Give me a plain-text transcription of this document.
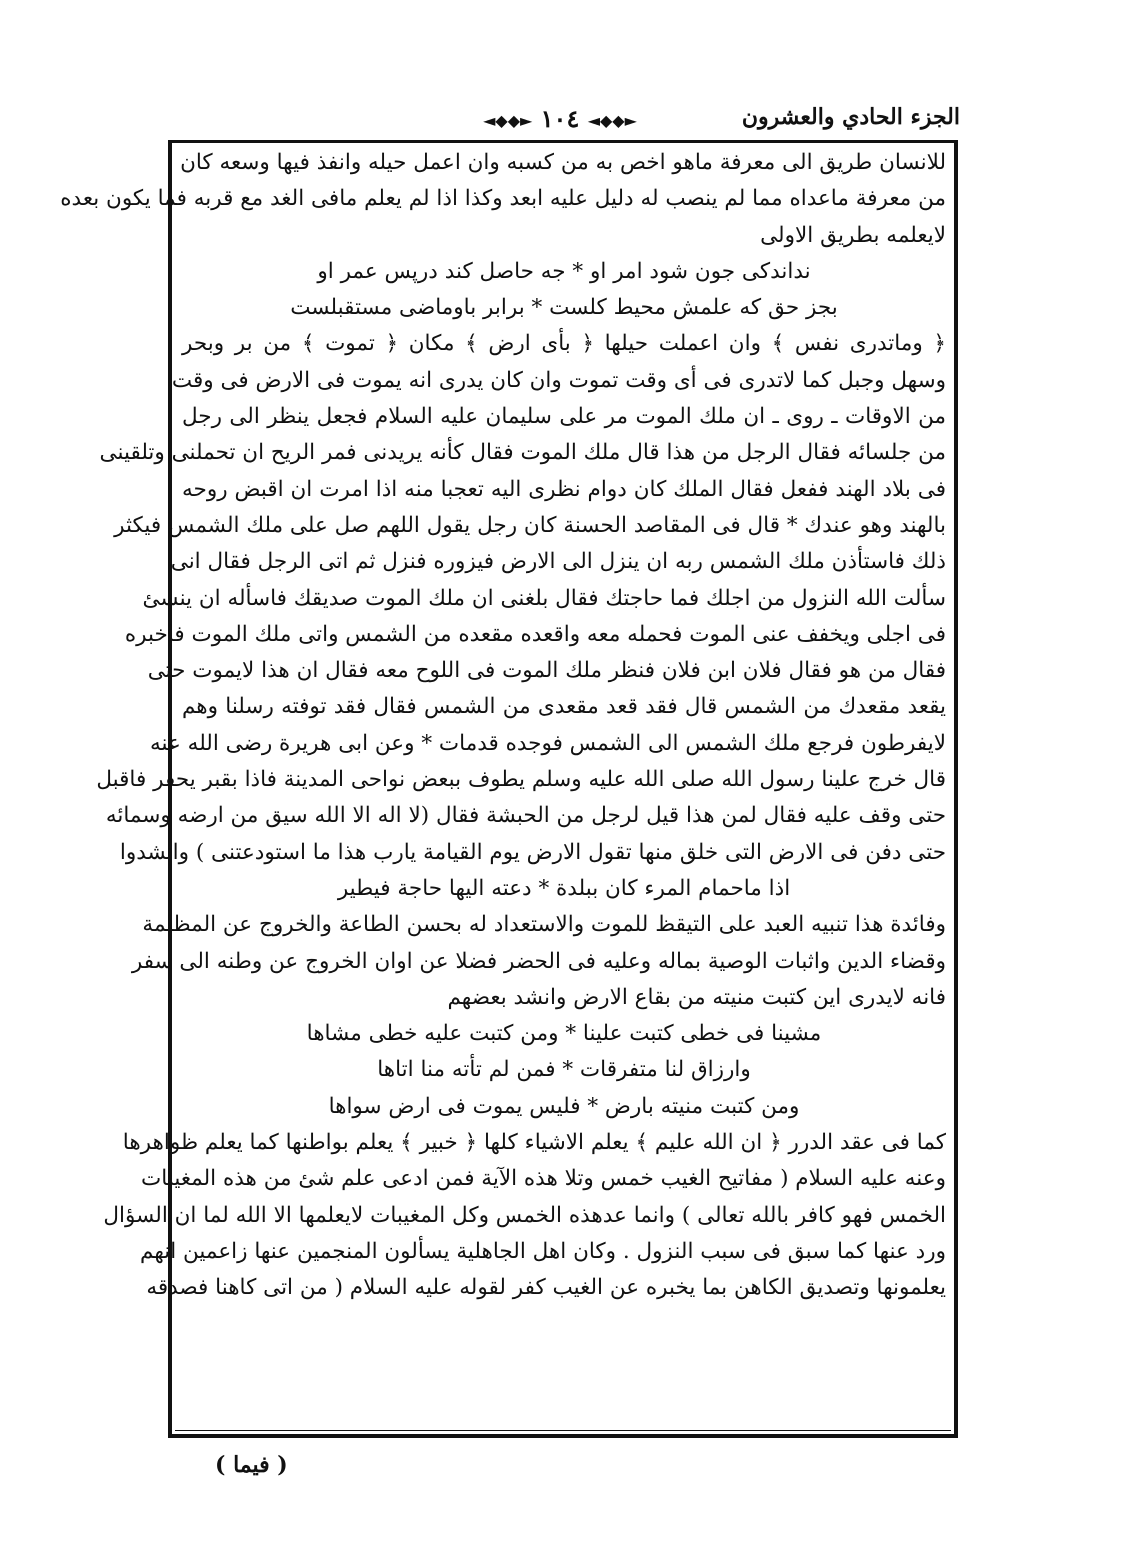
الجزء الحادي والعشرون
◄◆◆► ١٠٤ ◄◆◆►
للانسان طريق الى معرفة ماهو اخص به من كسبه وان اعمل حيله وانفذ فيها وسعه كان
من معرفة ماعداه مما لم ينصب له دليل عليه ابعد وكذا اذا لم يعلم مافى الغد مع قربه فما يكون بعده
لايعلمه بطريق الاولى
نداندكى جون شود امر او * جه حاصل كند درپس عمر او
بجز حق كه علمش محيط كلست * برابر باوماضى مستقبلست
﴿ وماتدرى نفس ﴾ وان اعملت حيلها ﴿ بأى ارض ﴾ مكان ﴿ تموت ﴾ من بر وبحر
وسهل وجبل كما لاتدرى فى أى وقت تموت وان كان يدرى انه يموت فى الارض فى وقت
من الاوقات ـ روى ـ ان ملك الموت مر على سليمان عليه السلام فجعل ينظر الى رجل
من جلسائه فقال الرجل من هذا قال ملك الموت فقال كأنه يريدنى فمر الريح ان تحملنى وتلقينى
فى بلاد الهند ففعل فقال الملك كان دوام نظرى اليه تعجبا منه اذا امرت ان اقبض روحه
بالهند وهو عندك * قال فى المقاصد الحسنة كان رجل يقول اللهم صل على ملك الشمس فيكثر
ذلك فاستأذن ملك الشمس ربه ان ينزل الى الارض فيزوره فنزل ثم اتى الرجل فقال انى
سألت الله النزول من اجلك فما حاجتك فقال بلغنى ان ملك الموت صديقك فاسأله ان ينسئ
فى اجلى ويخفف عنى الموت فحمله معه واقعده مقعده من الشمس واتى ملك الموت فاخبره
فقال من هو فقال فلان ابن فلان فنظر ملك الموت فى اللوح معه فقال ان هذا لايموت حتى
يقعد مقعدك من الشمس قال فقد قعد مقعدى من الشمس فقال فقد توفته رسلنا وهم
لايفرطون فرجع ملك الشمس الى الشمس فوجده قدمات * وعن ابى هريرة رضى الله عنه
قال خرج علينا رسول الله صلى الله عليه وسلم يطوف ببعض نواحى المدينة فاذا بقبر يحفر فاقبل
حتى وقف عليه فقال لمن هذا قيل لرجل من الحبشة فقال (لا اله الا الله سيق من ارضه وسمائه
حتى دفن فى الارض التى خلق منها تقول الارض يوم القيامة يارب هذا ما استودعتنى ) وانشدوا
اذا ماحمام المرء كان ببلدة * دعته اليها حاجة فيطير
وفائدة هذا تنبيه العبد على التيقظ للموت والاستعداد له بحسن الطاعة والخروج عن المظلمة
وقضاء الدين واثبات الوصية بماله وعليه فى الحضر فضلا عن اوان الخروج عن وطنه الى سفر
فانه لايدرى اين كتبت منيته من بقاع الارض وانشد بعضهم
مشينا فى خطى كتبت علينا * ومن كتبت عليه خطى مشاها
وارزاق لنا متفرقات * فمن لم تأته منا اتاها
ومن كتبت منيته بارض * فليس يموت فى ارض سواها
كما فى عقد الدرر ﴿ ان الله عليم ﴾ يعلم الاشياء كلها ﴿ خبير ﴾ يعلم بواطنها كما يعلم ظواهرها
وعنه عليه السلام ( مفاتيح الغيب خمس وتلا هذه الآية فمن ادعى علم شئ من هذه المغيبات
الخمس فهو كافر بالله تعالى ) وانما عدهذه الخمس وكل المغيبات لايعلمها الا الله لما ان السؤال
ورد عنها كما سبق فى سبب النزول . وكان اهل الجاهلية يسألون المنجمين عنها زاعمين انهم
يعلمونها وتصديق الكاهن بما يخبره عن الغيب كفر لقوله عليه السلام ( من اتى كاهنا فصدقه
( فيما )
